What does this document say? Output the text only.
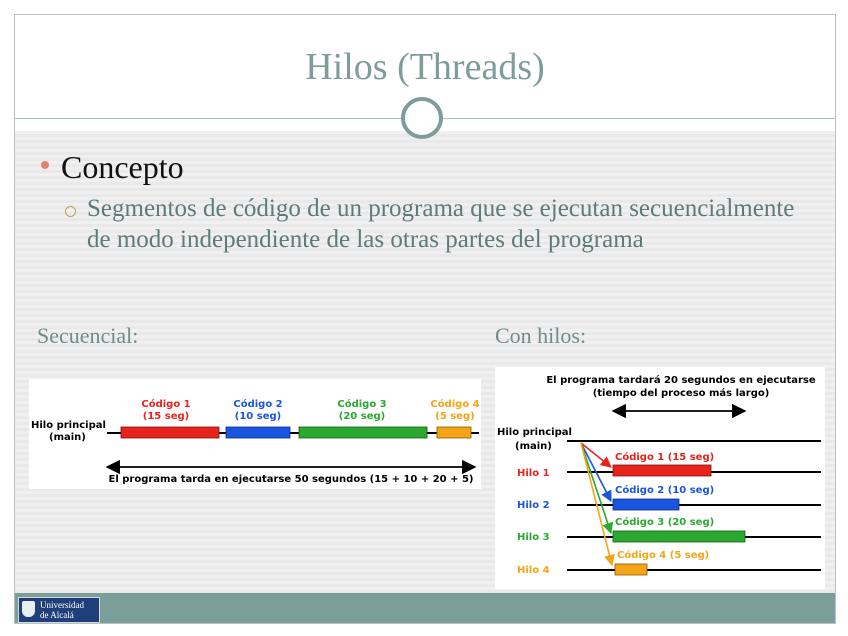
Hilos (Threads)
Concepto
Segmentos de código de un programa que se ejecutan secuencialmente de modo independiente de las otras partes del programa
Secuencial:	Con hilos:
Hilo principal
(main)
Código 1
(15 seg)
Código 2
(10 seg)
Código 3
(20 seg)
Código 4
(5 seg)
El programa tarda en ejecutarse 50 segundos (15 + 10 + 20 + 5)
El programa tardará 20 segundos en ejecutarse
(tiempo del proceso más largo)
Hilo principal
(main)
Hilo 1
Código 1 (15 seg)
Hilo 2
Código 2 (10 seg)
Hilo 3
Código 3 (20 seg)
Hilo 4
Código 4 (5 seg)
Universidad
de Alcalá
